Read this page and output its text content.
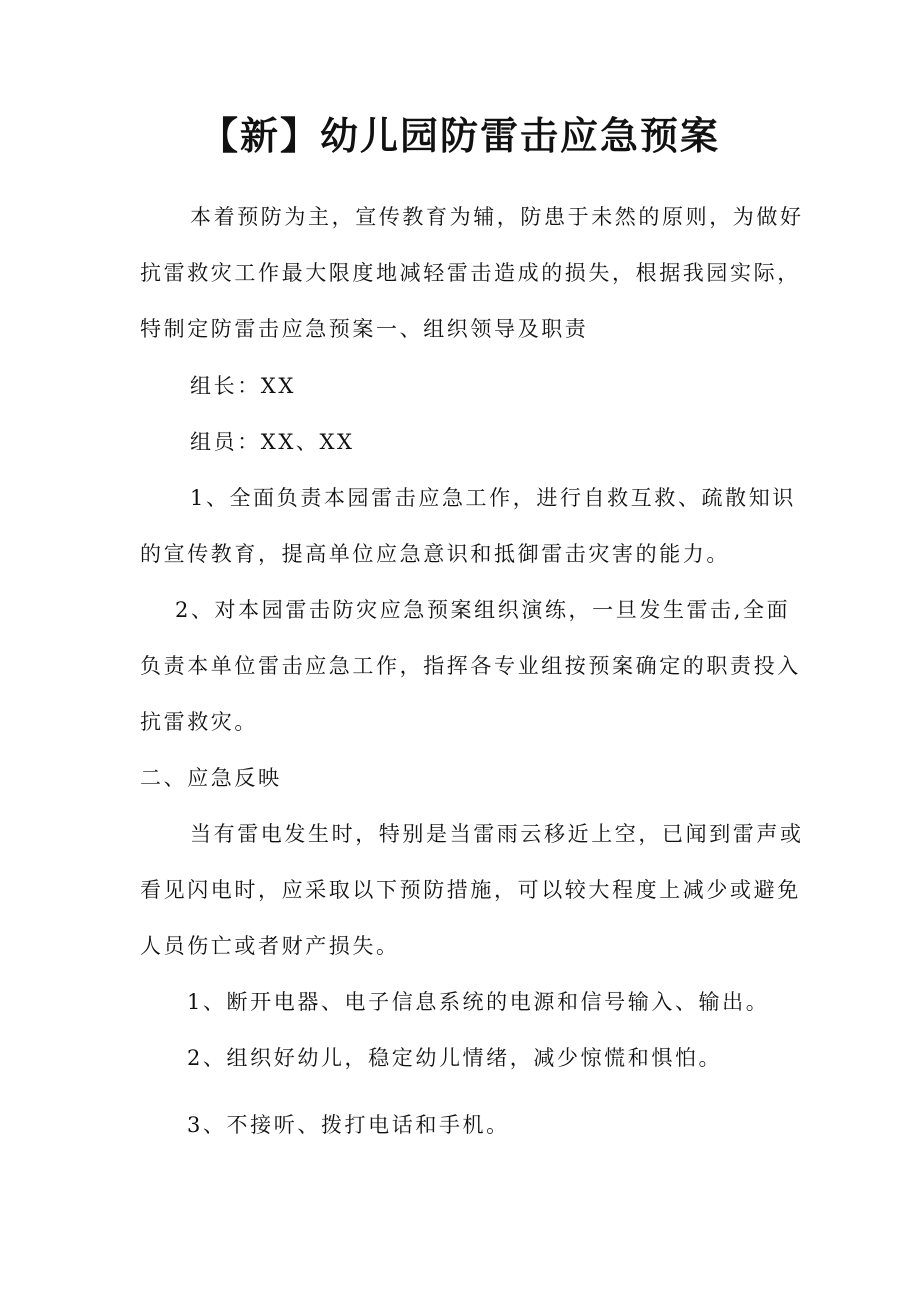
【新】幼儿园防雷击应急预案
本着预防为主，宣传教育为辅，防患于未然的原则，为做好
抗雷救灾工作最大限度地减轻雷击造成的损失，根据我园实际，
特制定防雷击应急预案一、组织领导及职责
组长：XX
组员：XX、XX
1、全面负责本园雷击应急工作，进行自救互救、疏散知识
的宣传教育，提高单位应急意识和抵御雷击灾害的能力。
2、对本园雷击防灾应急预案组织演练，一旦发生雷击,全面
负责本单位雷击应急工作，指挥各专业组按预案确定的职责投入
抗雷救灾。
二、应急反映
当有雷电发生时，特别是当雷雨云移近上空，已闻到雷声或
看见闪电时，应采取以下预防措施，可以较大程度上减少或避免
人员伤亡或者财产损失。
1、断开电器、电子信息系统的电源和信号输入、输出。
2、组织好幼儿，稳定幼儿情绪，减少惊慌和惧怕。
3、不接听、拨打电话和手机。
